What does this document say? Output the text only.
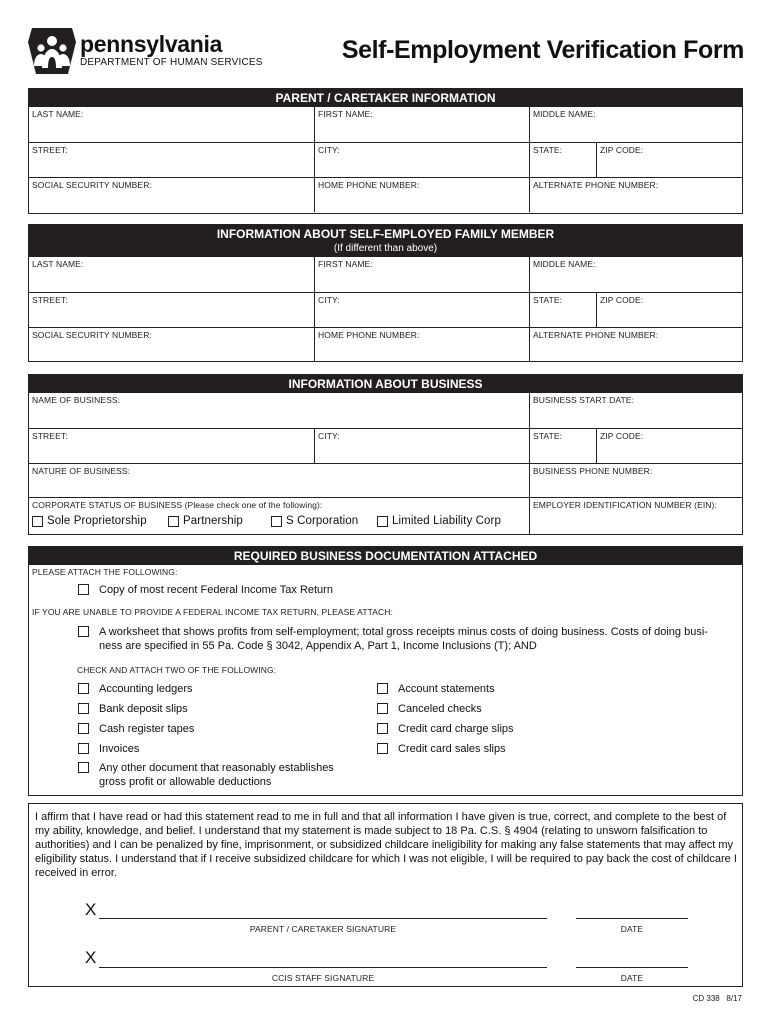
pennsylvania
DEPARTMENT OF HUMAN SERVICES	Self-Employment Verification Form
PARENT / CARETAKER INFORMATION
LAST NAME:	FIRST NAME:	MIDDLE NAME:
STREET:	CITY:	STATE:	ZIP CODE:
SOCIAL SECURITY NUMBER:	HOME PHONE NUMBER:	ALTERNATE PHONE NUMBER:
INFORMATION ABOUT SELF-EMPLOYED FAMILY MEMBER
(If different than above)
LAST NAME:	FIRST NAME:	MIDDLE NAME:
STREET:	CITY:	STATE:	ZIP CODE:
SOCIAL SECURITY NUMBER:	HOME PHONE NUMBER:	ALTERNATE PHONE NUMBER:
INFORMATION ABOUT BUSINESS
NAME OF BUSINESS:	BUSINESS START DATE:
STREET:	CITY:	STATE:	ZIP CODE:
NATURE OF BUSINESS:	BUSINESS PHONE NUMBER:
CORPORATE STATUS OF BUSINESS (Please check one of the following):
Sole Proprietorship	Partnership	S Corporation	Limited Liability Corp
EMPLOYER IDENTIFICATION NUMBER (EIN):
REQUIRED BUSINESS DOCUMENTATION ATTACHED
PLEASE ATTACH THE FOLLOWING:
Copy of most recent Federal Income Tax Return
IF YOU ARE UNABLE TO PROVIDE A FEDERAL INCOME TAX RETURN, PLEASE ATTACH:
A worksheet that shows profits from self-employment; total gross receipts minus costs of doing business. Costs of doing busi-
ness are specified in 55 Pa. Code § 3042, Appendix A, Part 1, Income Inclusions (T); AND
CHECK AND ATTACH TWO OF THE FOLLOWING:
Accounting ledgers
Bank deposit slips
Cash register tapes
Invoices
Any other document that reasonably establishes
gross profit or allowable deductions
Account statements
Canceled checks
Credit card charge slips
Credit card sales slips
I affirm that I have read or had this statement read to me in full and that all information I have given is true, correct, and complete to the best of my ability, knowledge, and belief. I understand that my statement is made subject to 18 Pa. C.S. § 4904 (relating to unsworn falsification to authorities) and I can be penalized by fine, imprisonment, or subsidized childcare ineligibility for making any false statements that may affect my eligibility status. I understand that if I receive subsidized childcare for which I was not eligible, I will be required to pay back the cost of childcare I received in error.
X
PARENT / CARETAKER SIGNATURE	DATE
X
CCIS STAFF SIGNATURE	DATE
CD 338   8/17
